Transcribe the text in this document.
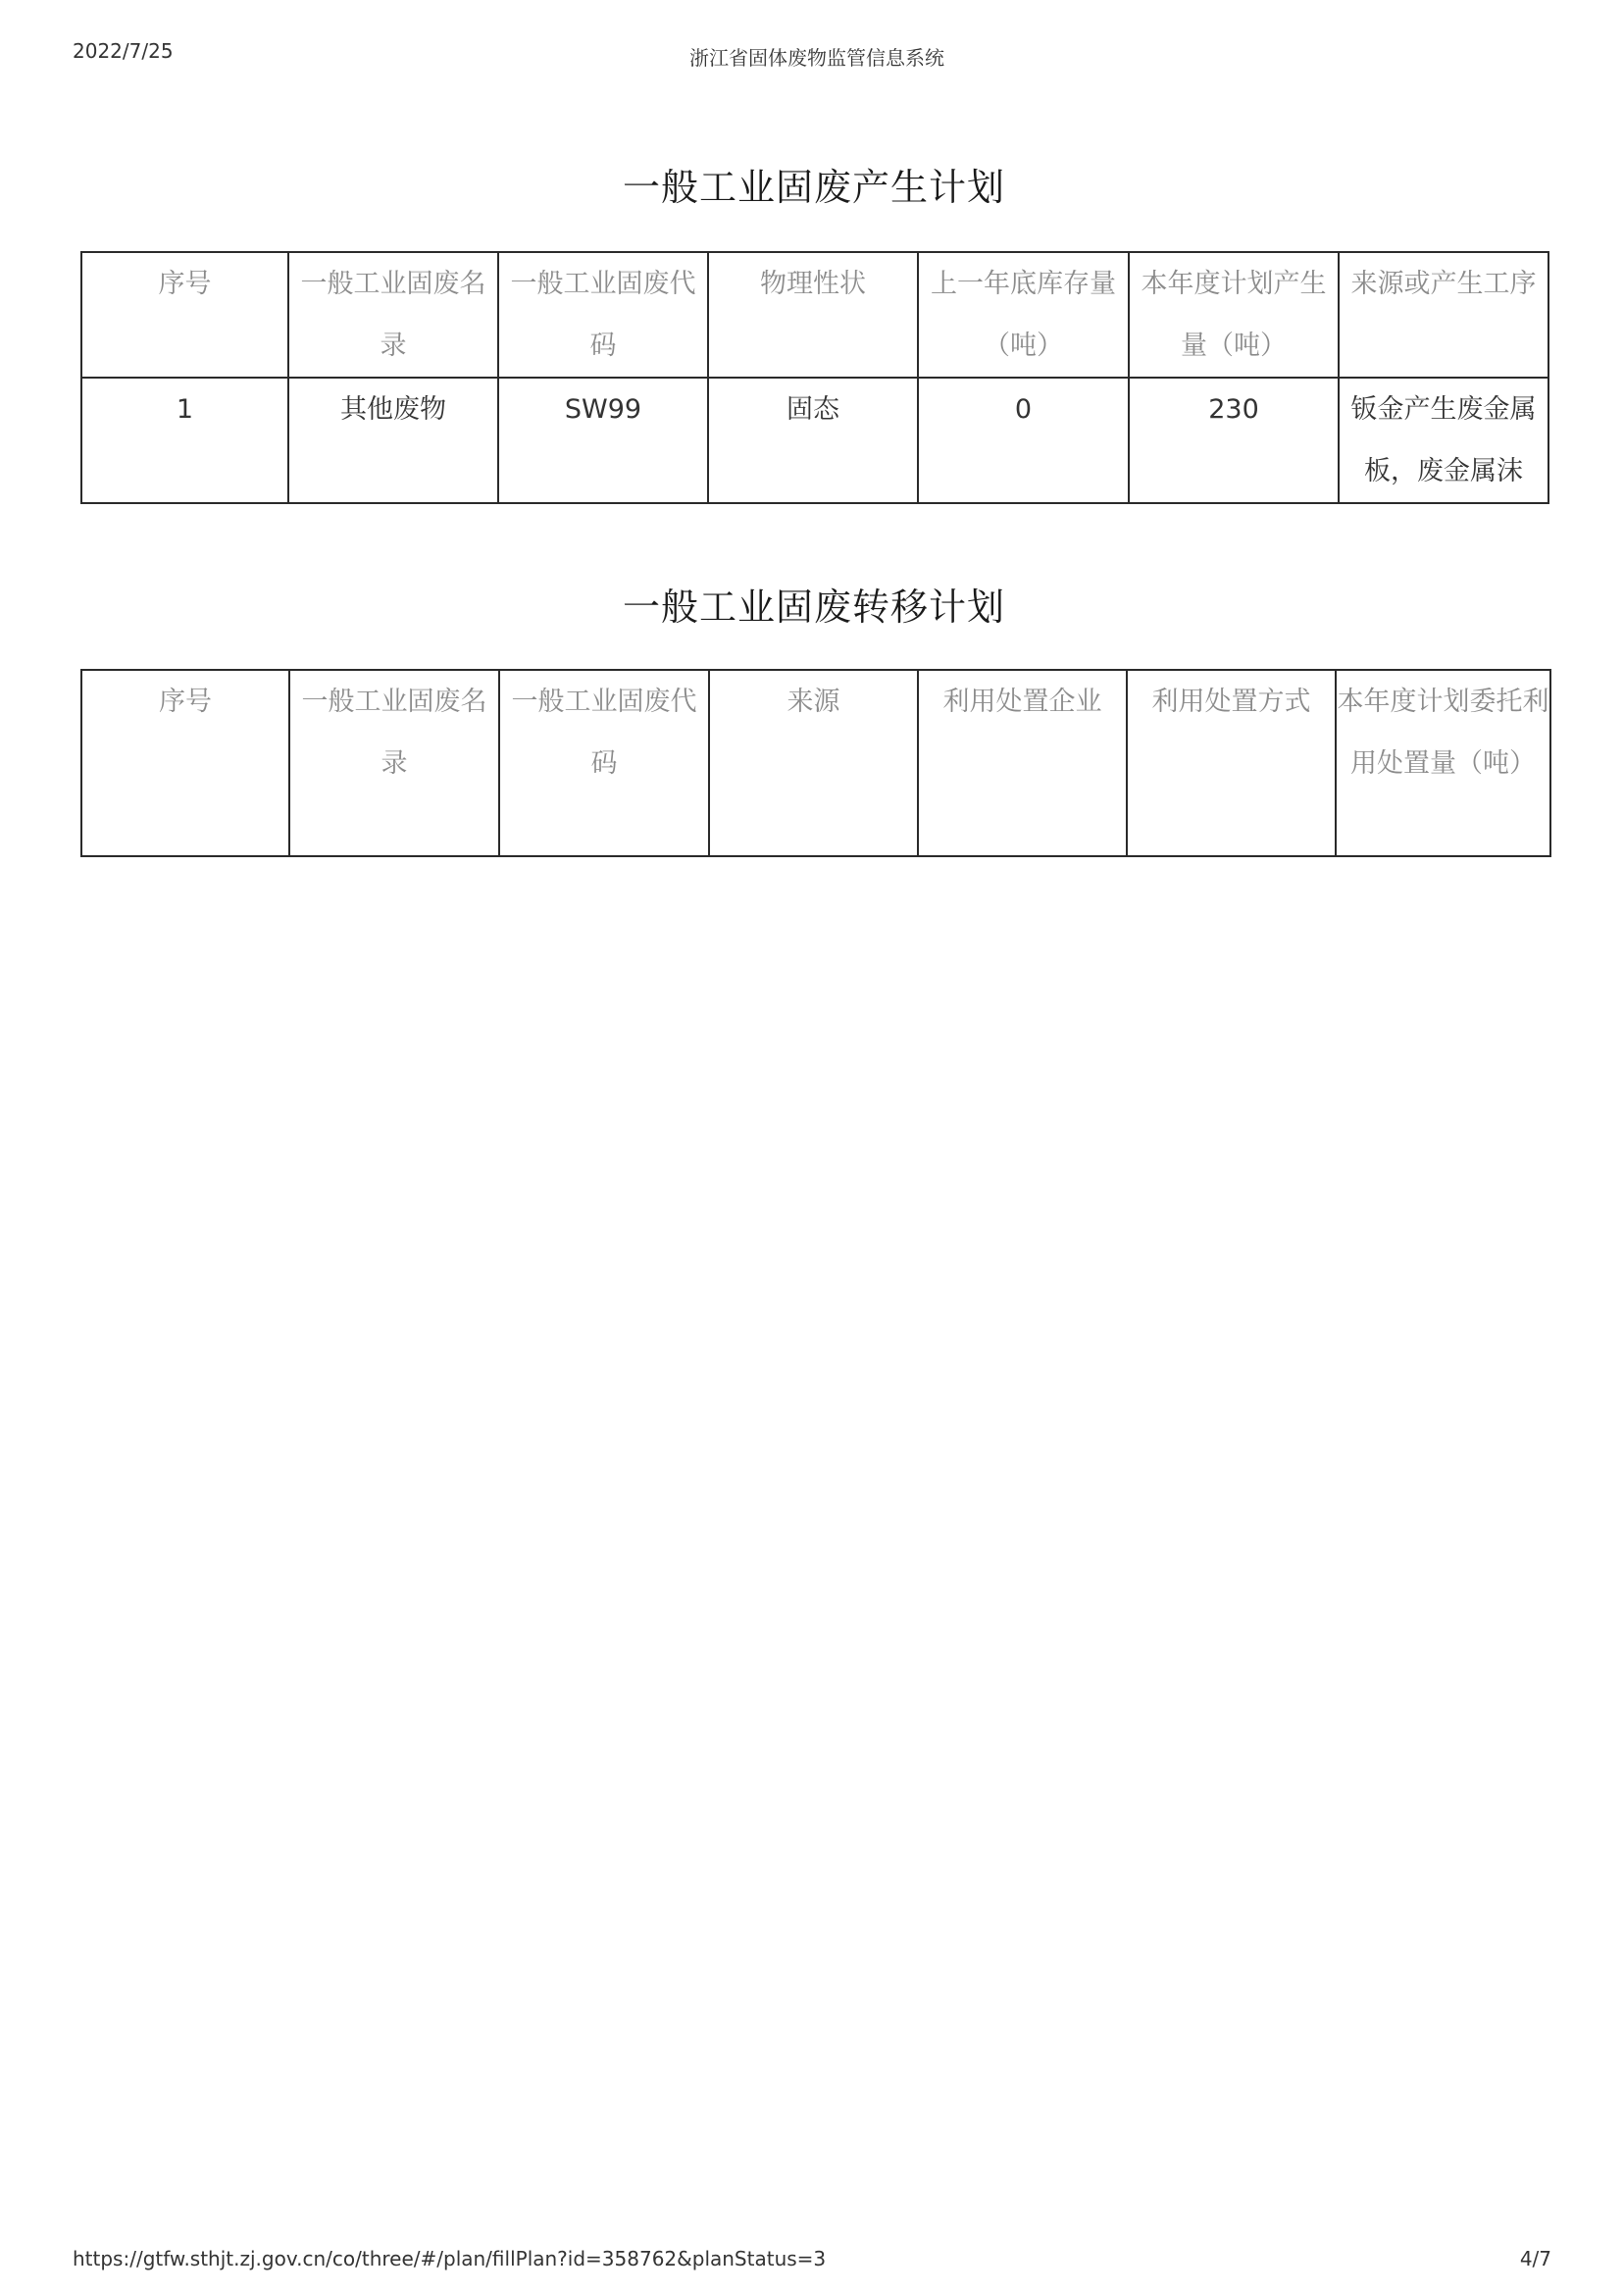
2022/7/25	浙江省固体废物监管信息系统
一般工业固废产生计划
序号	一般工业固废名录	一般工业固废代码	物理性状	上一年底库存量（吨）	本年度计划产生量（吨）	来源或产生工序
1	其他废物	SW99	固态	0	230	钣金产生废金属板，废金属沫
一般工业固废转移计划
序号	一般工业固废名录	一般工业固废代码	来源	利用处置企业	利用处置方式	本年度计划委托利用处置量（吨）
https://gtfw.sthjt.zj.gov.cn/co/three/#/plan/fillPlan?id=358762&planStatus=3	4/7
